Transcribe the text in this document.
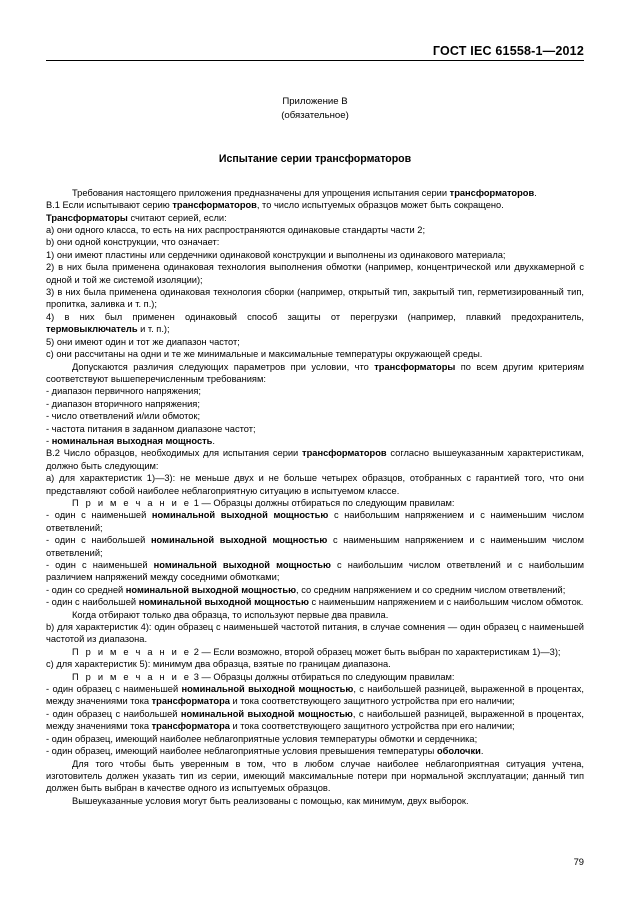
ГОСТ IEC 61558-1—2012
Приложение В
(обязательное)
Испытание серии трансформаторов

Требования настоящего приложения предназначены для упрощения испытания серии трансформаторов.

В.1 Если испытывают серию трансформаторов, то число испытуемых образцов может быть сокращено.

Трансформаторы считают серией, если:

a) они одного класса, то есть на них распространяются одинаковые стандарты части 2;

b) они одной конструкции, что означает:

1) они имеют пластины или сердечники одинаковой конструкции и выполнены из одинакового материала;

2) в них была применена одинаковая технология выполнения обмотки (например, концентрической или двухкамерной с одной и той же системой изоляции);

3) в них была применена одинаковая технология сборки (например, открытый тип, закрытый тип, герметизированный тип, пропитка, заливка и т. п.);

4) в них был применен одинаковый способ защиты от перегрузки (например, плавкий предохранитель, термовыключатель и т. п.);

5) они имеют один и тот же диапазон частот;

c) они рассчитаны на одни и те же минимальные и максимальные температуры окружающей среды.

Допускаются различия следующих параметров при условии, что трансформаторы по всем другим критериям соответствуют вышеперечисленным требованиям:

- диапазон первичного напряжения;

- диапазон вторичного напряжения;

- число ответвлений и/или обмоток;

- частота питания в заданном диапазоне частот;

- номинальная выходная мощность.

В.2 Число образцов, необходимых для испытания серии трансформаторов согласно вышеуказанным характеристикам, должно быть следующим:

a) для характеристик 1)—3): не меньше двух и не больше четырех образцов, отобранных с гарантией того, что они представляют собой наиболее неблагоприятную ситуацию в испытуемом классе.

П р и м е ч а н и е 1 — Образцы должны отбираться по следующим правилам:

- один с наименьшей номинальной выходной мощностью с наибольшим напряжением и с наименьшим числом ответвлений;

- один с наибольшей номинальной выходной мощностью с наименьшим напряжением и с наименьшим числом ответвлений;

- один с наименьшей номинальной выходной мощностью с наибольшим числом ответвлений и с наибольшим различием напряжений между соседними обмотками;

- один со средней номинальной выходной мощностью, со средним напряжением и со средним числом ответвлений;

- один с наибольшей номинальной выходной мощностью с наименьшим напряжением и с наибольшим числом обмоток.

Когда отбирают только два образца, то используют первые два правила.

b) для характеристик 4): один образец с наименьшей частотой питания, в случае сомнения — один образец с наименьшей частотой из диапазона.

П р и м е ч а н и е 2 — Если возможно, второй образец может быть выбран по характеристикам 1)—3);

c) для характеристик 5): минимум два образца, взятые по границам диапазона.

П р и м е ч а н и е 3 — Образцы должны отбираться по следующим правилам:

- один образец с наименьшей номинальной выходной мощностью, с наибольшей разницей, выраженной в процентах, между значениями тока трансформатора и тока соответствующего защитного устройства при его наличии;

- один образец с наибольшей номинальной выходной мощностью, с наибольшей разницей, выраженной в процентах, между значениями тока трансформатора и тока соответствующего защитного устройства при его наличии;

- один образец, имеющий наиболее неблагоприятные условия температуры обмотки и сердечника;

- один образец, имеющий наиболее неблагоприятные условия превышения температуры оболочки.

Для того чтобы быть уверенным в том, что в любом случае наиболее неблагоприятная ситуация учтена, изготовитель должен указать тип из серии, имеющий максимальные потери при нормальной эксплуатации; данный тип должен быть выбран в качестве одного из испытуемых образцов.

Вышеуказанные условия могут быть реализованы с помощью, как минимум, двух выборок.

79
